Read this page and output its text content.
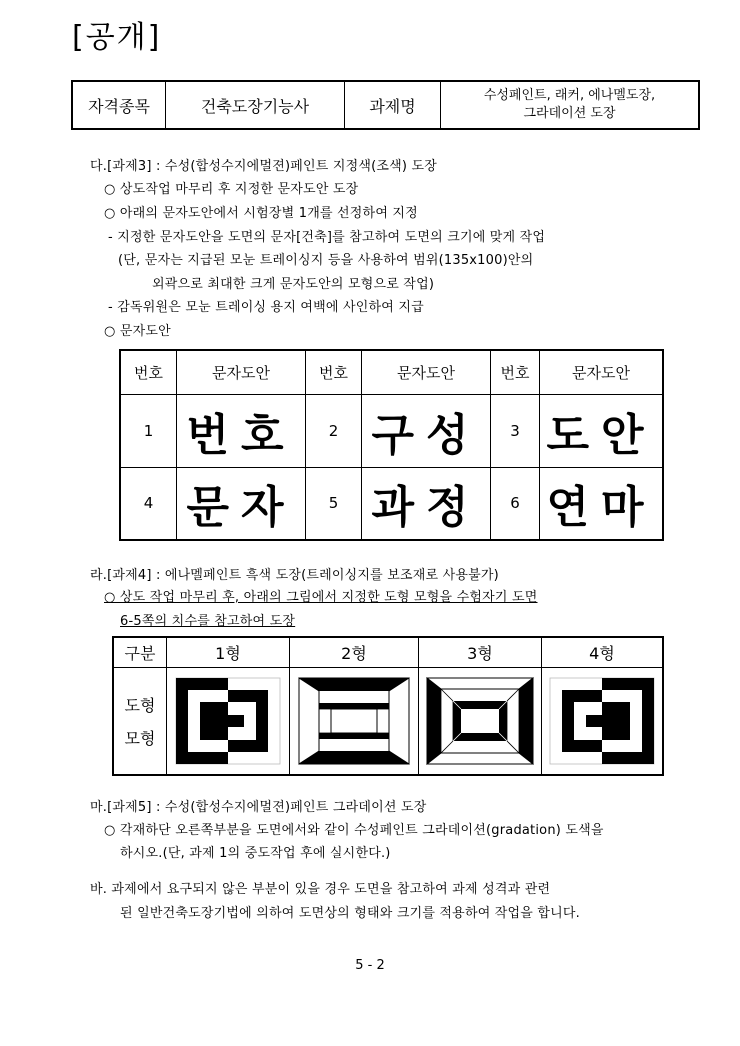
[공개]
자격종목	건축도장기능사	과제명	
수성페인트, 래커, 에나멜도장,
그라데이션 도장
다.[과제3] : 수성(합성수지에멀젼)페인트 지정색(조색) 도장
○ 상도작업 마무리 후 지정한 문자도안 도장
○ 아래의 문자도안에서 시험장별 1개를 선정하여 지정
- 지정한 문자도안을 도면의 문자[건축]를 참고하여 도면의 크기에 맞게 작업
(단, 문자는 지급된 모눈 트레이싱지 등을 사용하여 범위(135x100)안의
외곽으로 최대한 크게 문자도안의 모형으로 작업)
- 감독위원은 모눈 트레이싱 용지 여백에 사인하여 지급
○ 문자도안
번호	문자도안	번호	문자도안	번호	문자도안
1	번호	2	구성	3	도안
4	문자	5	과정	6	연마
라.[과제4] : 에나멜페인트 흑색 도장(트레이싱지를 보조재로 사용불가)
○ 상도 작업 마무리 후, 아래의 그림에서 지정한 도형 모형을 수험자기 도면
6-5쪽의 치수를 참고하여 도장
구분	1형	2형	3형	4형

도형
모형

마.[과제5] : 수성(합성수지에멀젼)페인트 그라데이션 도장
○ 각재하단 오른쪽부분을 도면에서와 같이 수성페인트 그라데이션(gradation) 도색을
하시오.(단, 과제 1의 중도작업 후에 실시한다.)
바. 과제에서 요구되지 않은 부분이 있을 경우 도면을 참고하여 과제 성격과 관련
된 일반건축도장기법에 의하여 도면상의 형태와 크기를 적용하여 작업을 합니다.
5 - 2
